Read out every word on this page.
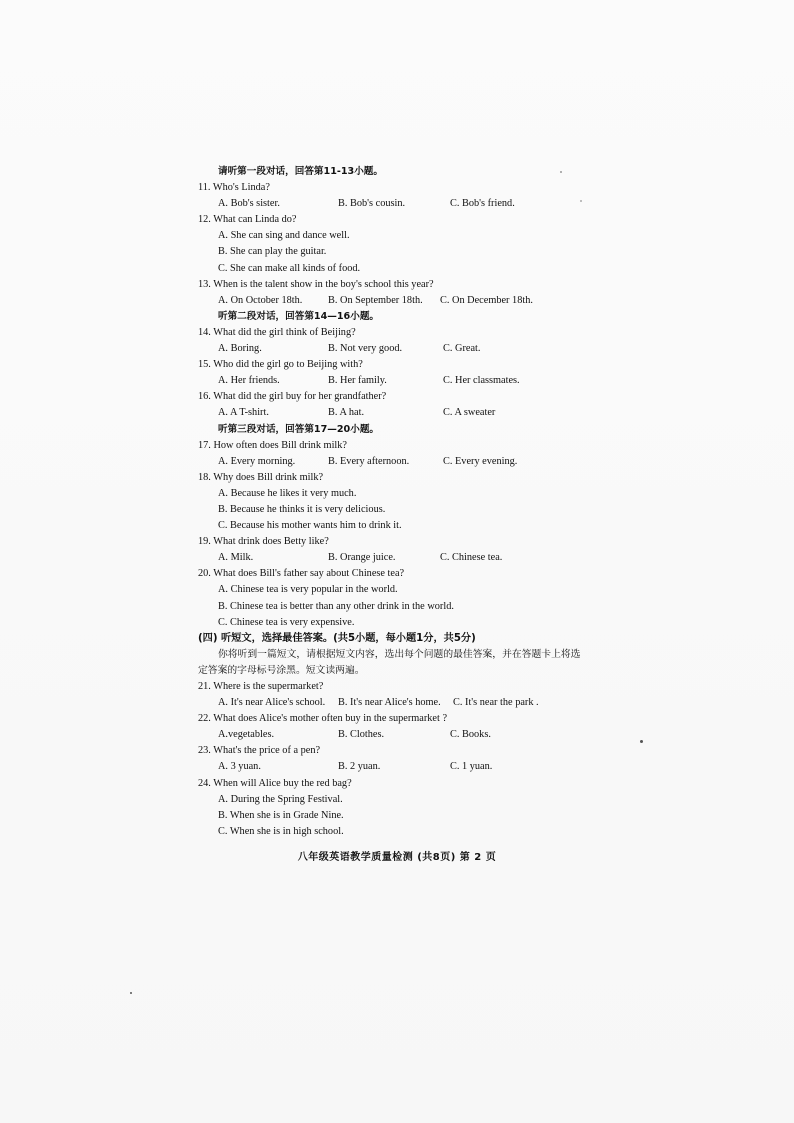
请听第一段对话，回答第11-13小题。
11. Who's Linda?
A. Bob's sister.	B. Bob's cousin.	C. Bob's friend.
12. What can Linda do?
A. She can sing and dance well.
B. She can play the guitar.
C. She can make all kinds of food.
13. When is the talent show in the boy's school this year?
A. On October 18th.	B. On September 18th.	C. On December 18th.
听第二段对话，回答第14—16小题。
14. What did the girl think of Beijing?
A. Boring.	B. Not very good.	C. Great.
15. Who did the girl go to Beijing with?
A. Her friends.	B. Her family.	C. Her classmates.
16. What did the girl buy for her grandfather?
A. A T-shirt.	B. A hat.	C. A sweater
听第三段对话，回答第17—20小题。
17. How often does Bill drink milk?
A. Every morning.	B. Every afternoon.	C. Every evening.
18. Why does Bill drink milk?
A. Because he likes it very much.
B. Because he thinks it is very delicious.
C. Because his mother wants him to drink it.
19. What drink does Betty like?
A. Milk.	B. Orange juice.	C. Chinese tea.
20. What does Bill's father say about Chinese tea?
A. Chinese tea is very popular in the world.
B. Chinese tea is better than any other drink in the world.
C. Chinese tea is very expensive.
(四) 听短文，选择最佳答案。(共5小题，每小题1分，共5分)
你将听到一篇短文，请根据短文内容，选出每个问题的最佳答案，并在答题卡上将选
定答案的字母标号涂黑。短文读两遍。
21. Where is the supermarket?
A. It's near Alice's school.	B. It's near Alice's home.	C. It's near the park .
22. What does Alice's mother often buy in the supermarket ?
A.vegetables.	B. Clothes.	C. Books.
23. What's the price of a pen?
A. 3 yuan.	B. 2 yuan.	C. 1 yuan.
24. When will Alice buy the red bag?
A. During the Spring Festival.
B. When she is in Grade Nine.
C. When she is in high school.
八年级英语教学质量检测 (共8页) 第 2 页
